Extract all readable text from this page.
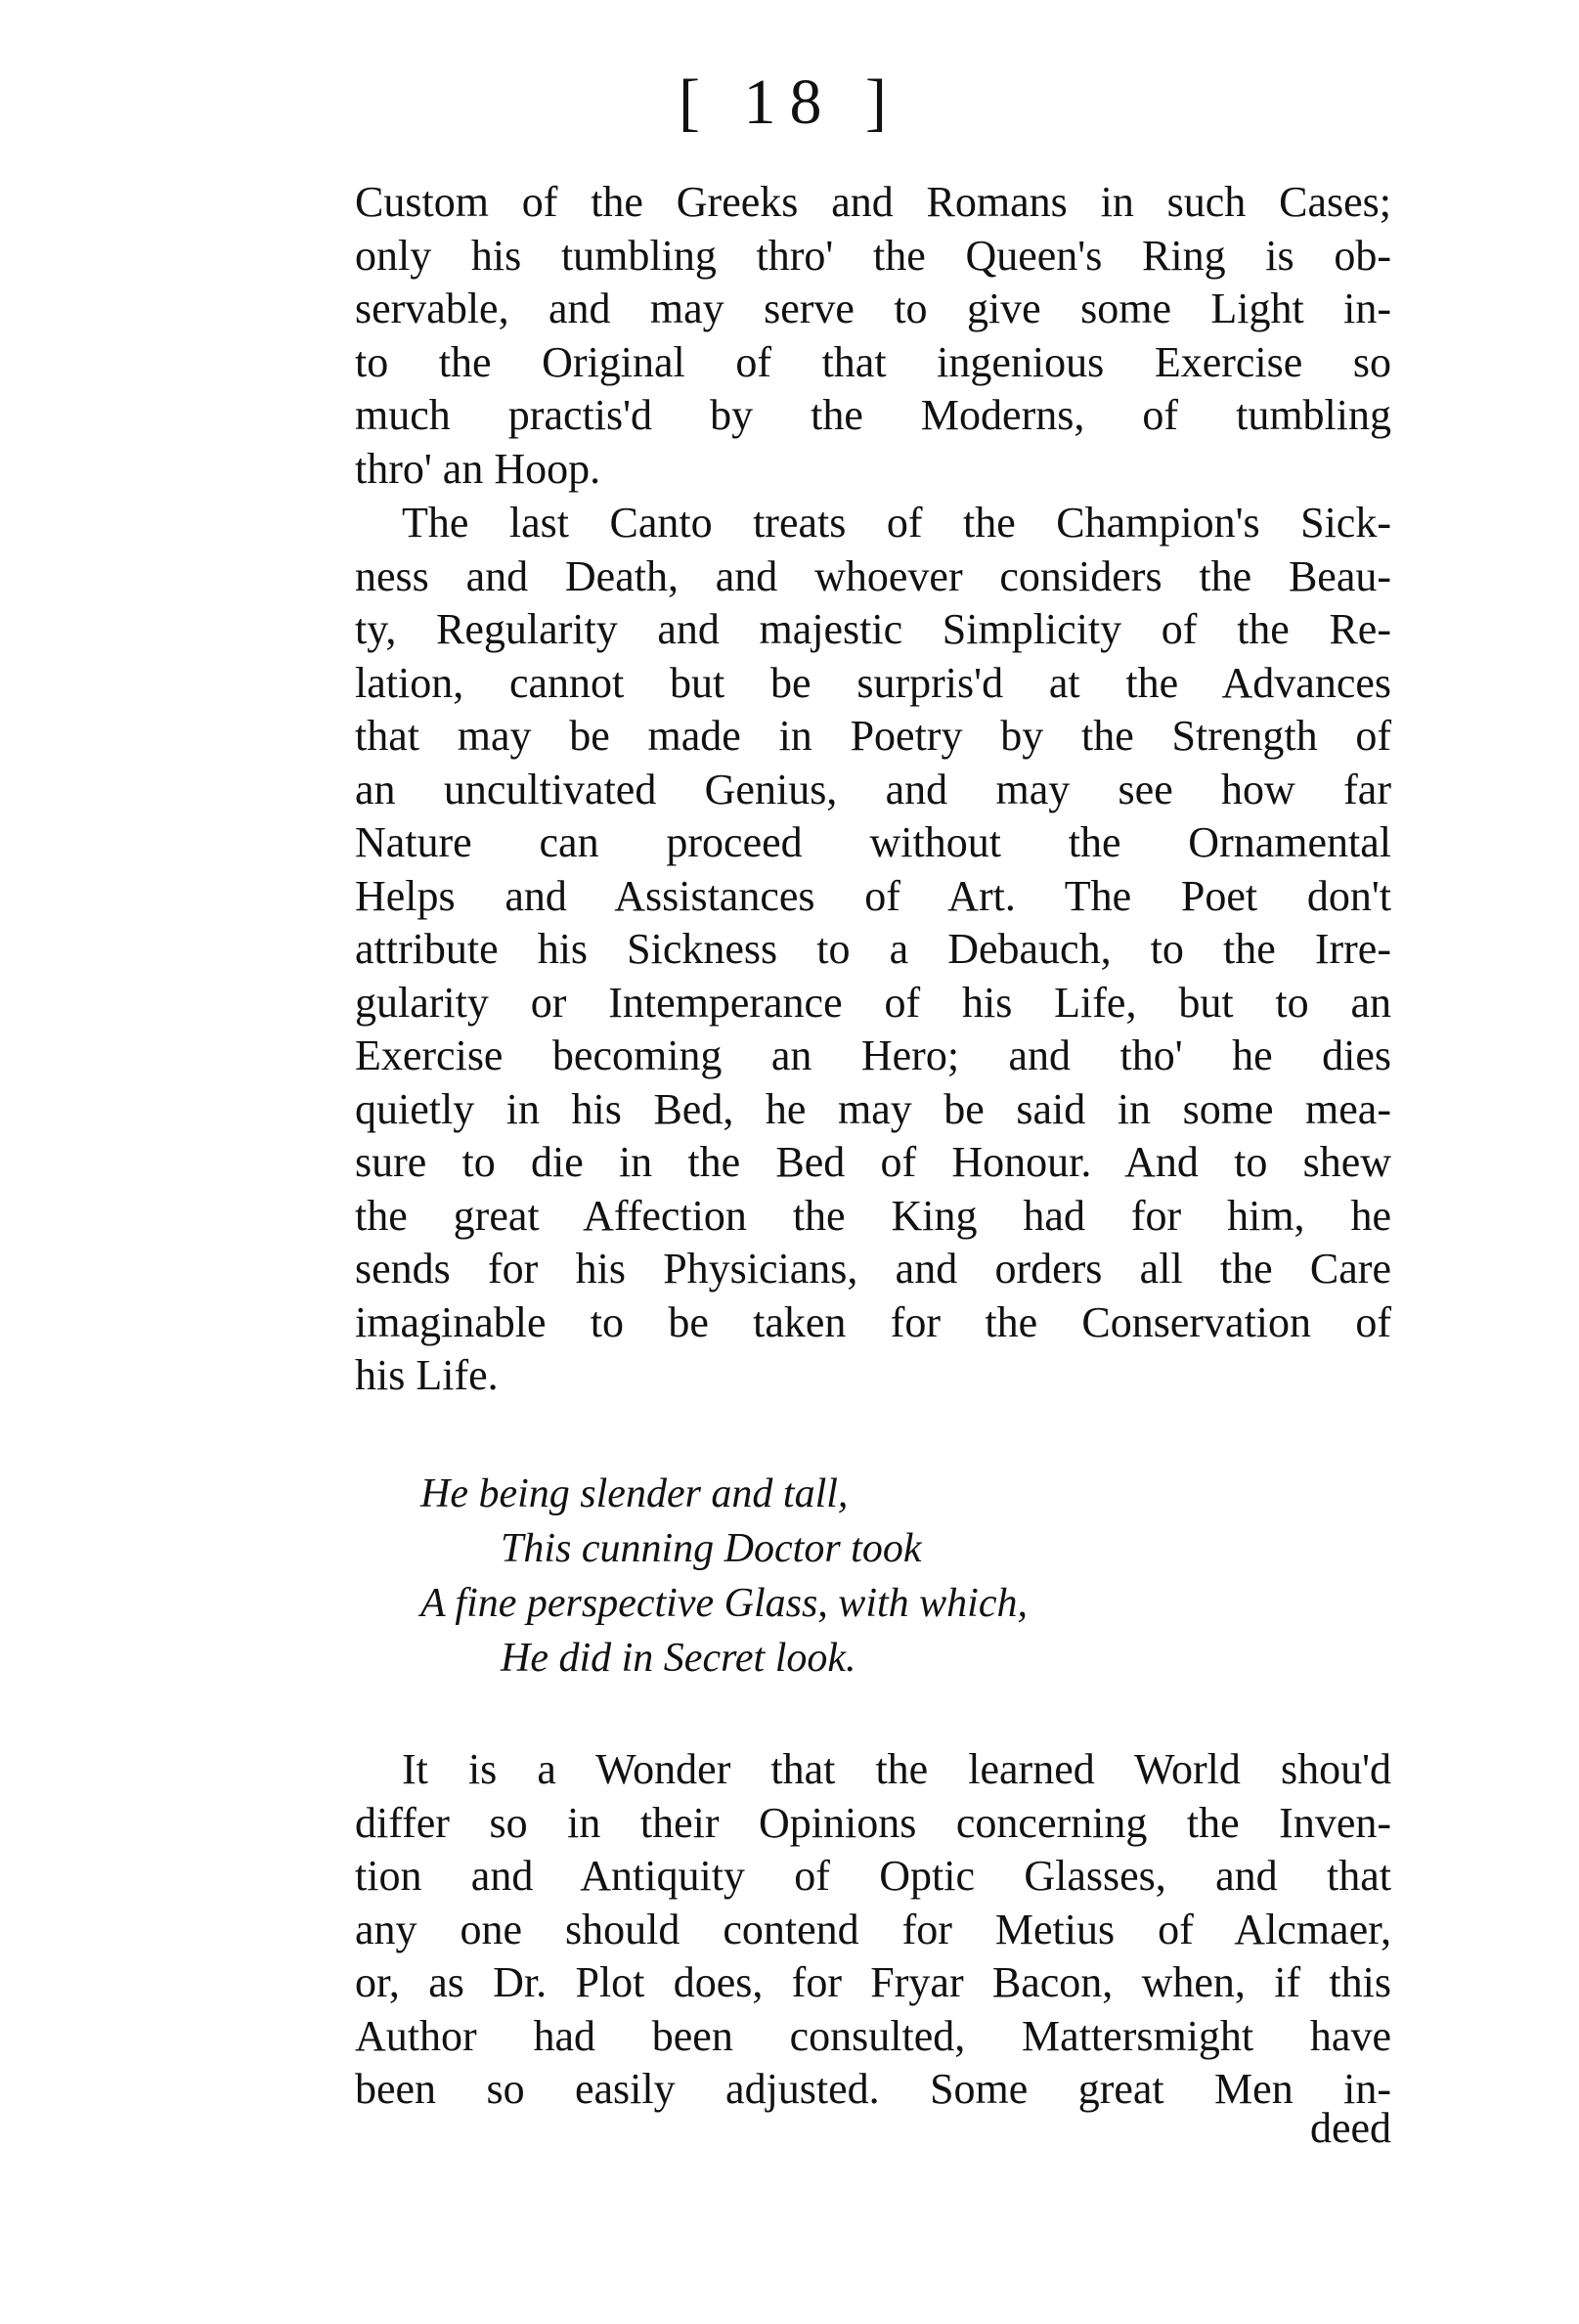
[ 18 ]
Custom of the Greeks and Romans in such Cases;
only his tumbling thro' the Queen's Ring is ob-
servable, and may serve to give some Light in-
to the Original of that ingenious Exercise so
much practis'd by the Moderns, of tumbling
thro' an Hoop.
The last Canto treats of the Champion's Sick-
ness and Death, and whoever considers the Beau-
ty, Regularity and majestic Simplicity of the Re-
lation, cannot but be surpris'd at the Advances
that may be made in Poetry by the Strength of
an uncultivated Genius, and may see how far
Nature can proceed without the Ornamental
Helps and Assistances of Art. The Poet don't
attribute his Sickness to a Debauch, to the Irre-
gularity or Intemperance of his Life, but to an
Exercise becoming an Hero; and tho' he dies
quietly in his Bed, he may be said in some mea-
sure to die in the Bed of Honour. And to shew
the great Affection the King had for him, he
sends for his Physicians, and orders all the Care
imaginable to be taken for the Conservation of
his Life.
He being slender and tall,
This cunning Doctor took
A fine perspective Glass, with which,
He did in Secret look.
It is a Wonder that the learned World shou'd
differ so in their Opinions concerning the Inven-
tion and Antiquity of Optic Glasses, and that
any one should contend for Metius of Alcmaer,
or, as Dr. Plot does, for Fryar Bacon, when, if this
Author had been consulted, Mattersmight have
been so easily adjusted. Some great Men in-
deed
